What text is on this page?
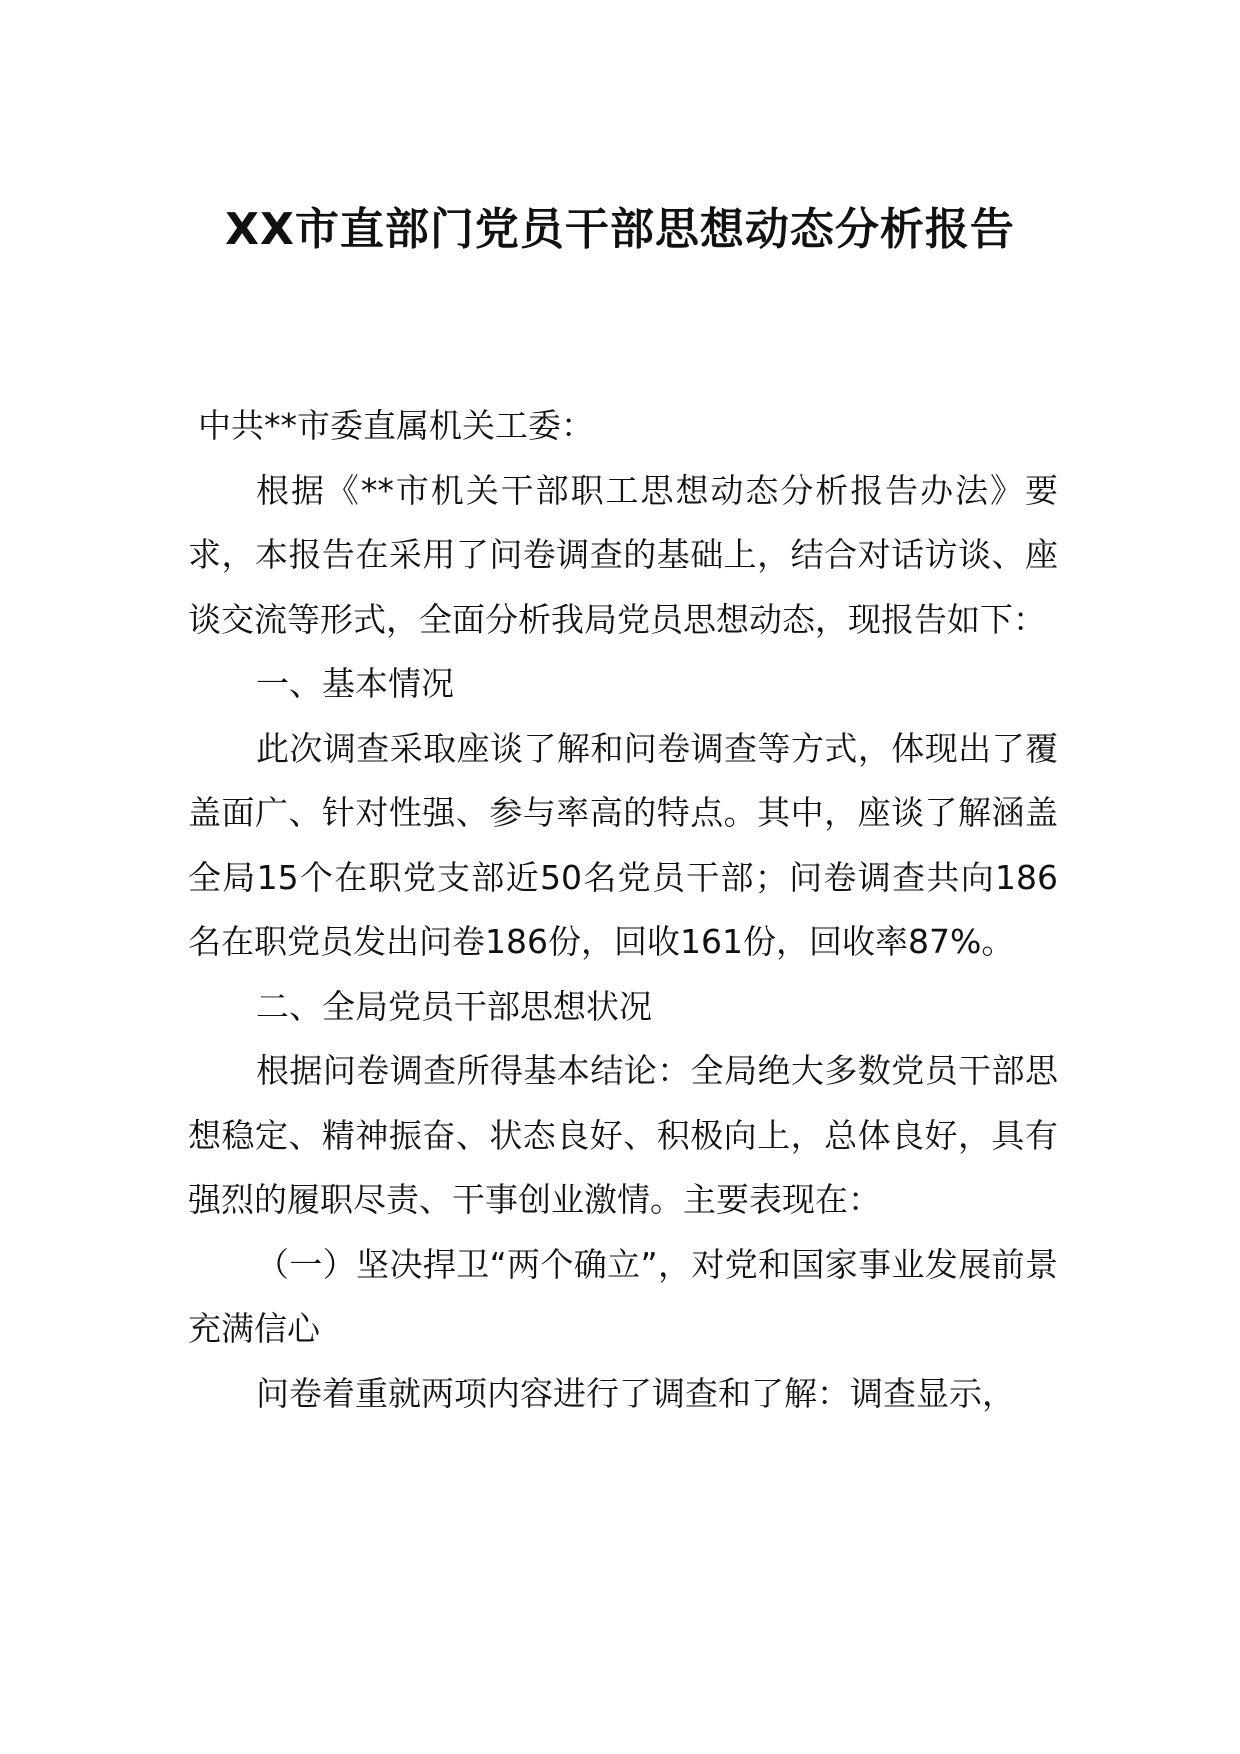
XX市直部门党员干部思想动态分析报告

中共**市委直属机关工委：

根据《**市机关干部职工思想动态分析报告办法》要求，本报告在采用了问卷调查的基础上，结合对话访谈、座谈交流等形式，全面分析我局党员思想动态，现报告如下：

一、基本情况

此次调查采取座谈了解和问卷调查等方式，体现出了覆盖面广、针对性强、参与率高的特点。其中，座谈了解涵盖全局15个在职党支部近50名党员干部；问卷调查共向186名在职党员发出问卷186份，回收161份，回收率87%。

二、全局党员干部思想状况

根据问卷调查所得基本结论：全局绝大多数党员干部思想稳定、精神振奋、状态良好、积极向上，总体良好，具有强烈的履职尽责、干事创业激情。主要表现在：

（一）坚决捍卫“两个确立”，对党和国家事业发展前景充满信心

问卷着重就两项内容进行了调查和了解：调查显示，
